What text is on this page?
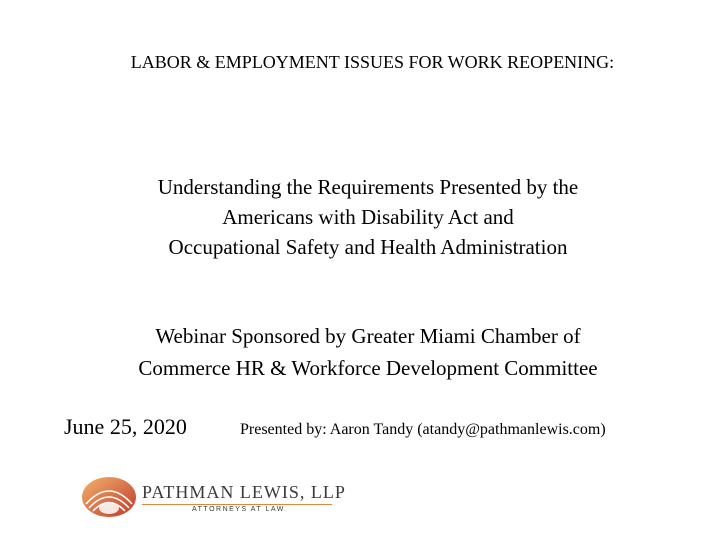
LABOR & EMPLOYMENT ISSUES FOR WORK REOPENING:
Understanding the Requirements Presented by the
Americans with Disability Act and
Occupational Safety and Health Administration
Webinar Sponsored by Greater Miami Chamber of
Commerce HR & Workforce Development Committee
June 25, 2020	Presented by: Aaron Tandy (atandy@pathmanlewis.com)
PATHMAN LEWIS, LLP
ATTORNEYS AT LAW
